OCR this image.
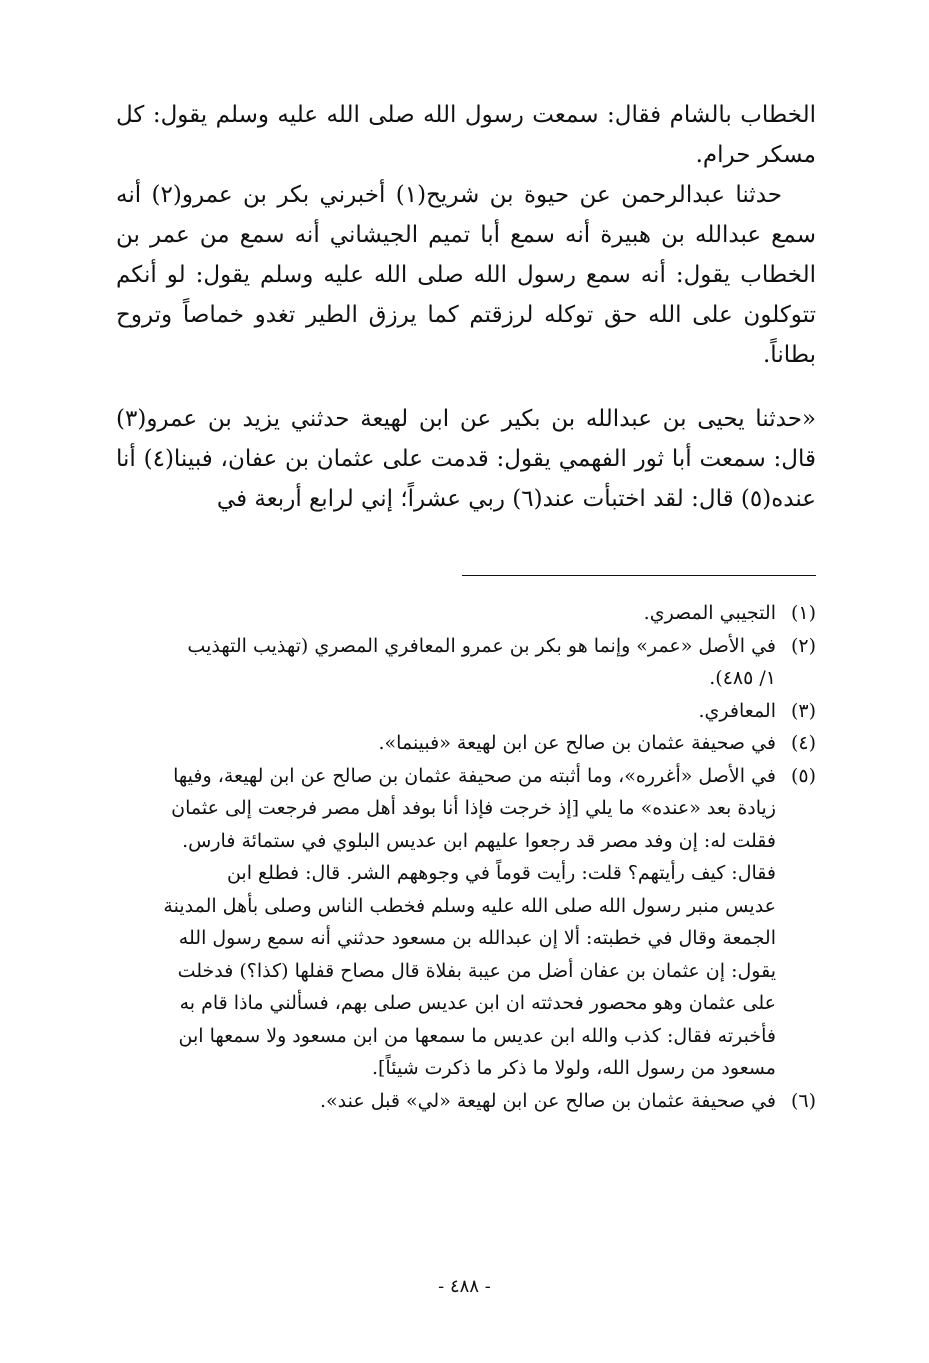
الخطاب بالشام فقال: سمعت رسول الله صلى الله عليه وسلم يقول: كل مسكر حرام.

حدثنا عبدالرحمن عن حيوة بن شريح(١) أخبرني بكر بن عمرو(٢) أنه سمع عبدالله بن هبيرة أنه سمع أبا تميم الجيشاني أنه سمع من عمر بن الخطاب يقول: أنه سمع رسول الله صلى الله عليه وسلم يقول: لو أنكم تتوكلون على الله حق توكله لرزقتم كما يرزق الطير تغدو خماصاً وتروح بطاناً.

«حدثنا يحيى بن عبدالله بن بكير عن ابن لهيعة حدثني يزيد بن عمرو(٣) قال: سمعت أبا ثور الفهمي يقول: قدمت على عثمان بن عفان، فبينا(٤) أنا عنده(٥) قال: لقد اختبأت عند(٦) ربي عشراً؛ إني لرابع أربعة في

(١)
التجيبي المصري.
(٢)
في الأصل «عمر» وإنما هو بكر بن عمرو المعافري المصري (تهذيب التهذيب
١/ ٤٨٥).
(٣)
المعافري.
(٤)
في صحيفة عثمان بن صالح عن ابن لهيعة «فبينما».
(٥)
في الأصل «أغرره»، وما أثبته من صحيفة عثمان بن صالح عن ابن لهيعة، وفيها
زيادة بعد «عنده» ما يلي [إذ خرجت فإذا أنا بوفد أهل مصر فرجعت إلى عثمان
فقلت له: إن وفد مصر قد رجعوا عليهم ابن عديس البلوي في ستمائة فارس.
فقال: كيف رأيتهم؟ قلت: رأيت قوماً في وجوههم الشر. قال: فطلع ابن
عديس منبر رسول الله صلى الله عليه وسلم فخطب الناس وصلى بأهل المدينة
الجمعة وقال في خطبته: ألا إن عبدالله بن مسعود حدثني أنه سمع رسول الله
يقول: إن عثمان بن عفان أضل من عيبة بفلاة قال مصاح قفلها (كذا؟) فدخلت
على عثمان وهو محصور فحدثته ان ابن عديس صلى بهم، فسألني ماذا قام به
فأخبرته فقال: كذب والله ابن عديس ما سمعها من ابن مسعود ولا سمعها ابن
مسعود من رسول الله، ولولا ما ذكر ما ذكرت شيئاً].
(٦)
في صحيفة عثمان بن صالح عن ابن لهيعة «لي» قبل عند».
- ٤٨٨ -
